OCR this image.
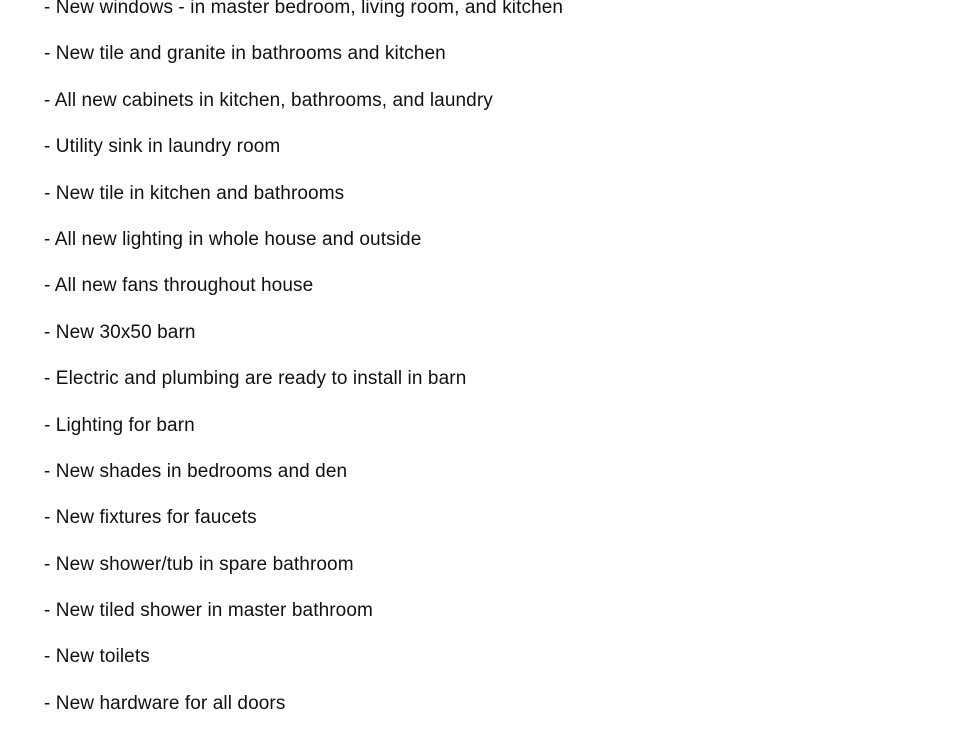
- New windows - in master bedroom, living room, and kitchen
- New tile and granite in bathrooms and kitchen
- All new cabinets in kitchen, bathrooms, and laundry
- Utility sink in laundry room
- New tile in kitchen and bathrooms
- All new lighting in whole house and outside
- All new fans throughout house
- New 30x50 barn
- Electric and plumbing are ready to install in barn
- Lighting for barn
- New shades in bedrooms and den
- New fixtures for faucets
- New shower/tub in spare bathroom
- New tiled shower in master bathroom
- New toilets
- New hardware for all doors
